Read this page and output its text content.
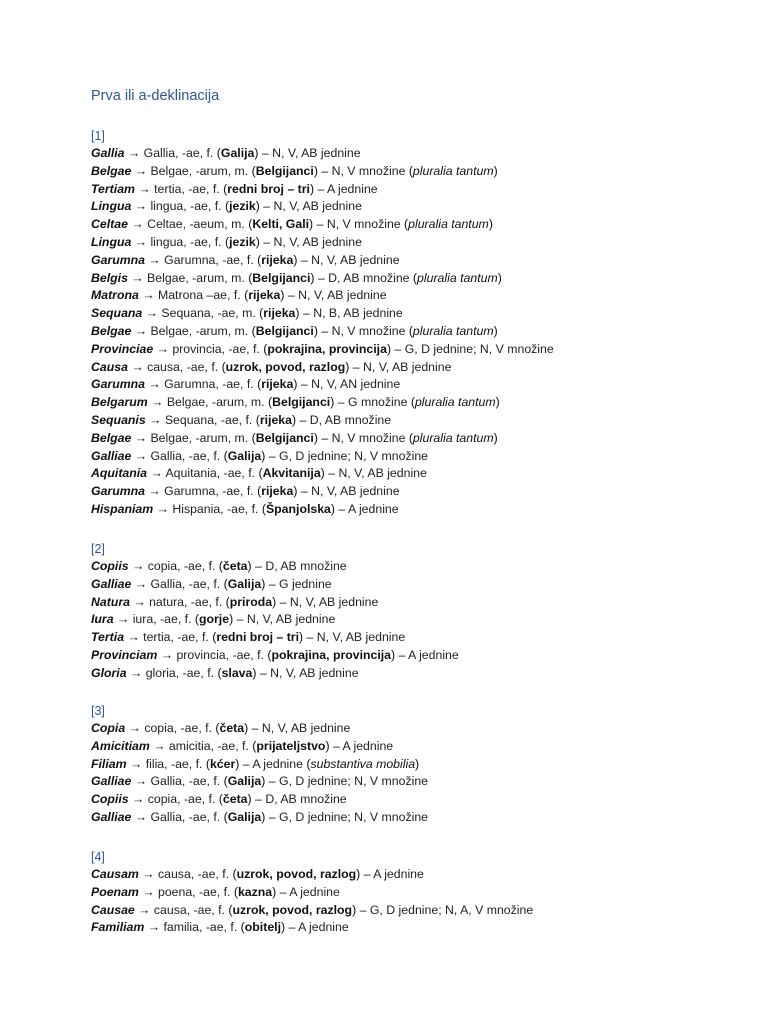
Prva ili a-deklinacija
[1]
Gallia → Gallia, -ae, f. (Galija) – N, V, AB jednine
Belgae → Belgae, -arum, m. (Belgijanci) – N, V množine (pluralia tantum)
Tertiam → tertia, -ae, f. (redni broj – tri) – A jednine
Lingua → lingua, -ae, f. (jezik) – N, V, AB jednine
Celtae → Celtae, -aeum, m. (Kelti, Gali) – N, V množine (pluralia tantum)
Lingua → lingua, -ae, f. (jezik) – N, V, AB jednine
Garumna → Garumna, -ae, f. (rijeka) – N, V, AB jednine
Belgis → Belgae, -arum, m. (Belgijanci) – D, AB množine (pluralia tantum)
Matrona → Matrona –ae, f. (rijeka) – N, V, AB jednine
Sequana → Sequana, -ae, m. (rijeka) – N, B, AB jednine
Belgae → Belgae, -arum, m. (Belgijanci) – N, V množine (pluralia tantum)
Provinciae → provincia, -ae, f. (pokrajina, provincija) – G, D jednine; N, V množine
Causa → causa, -ae, f. (uzrok, povod, razlog) – N, V, AB jednine
Garumna → Garumna, -ae, f. (rijeka) – N, V, AN jednine
Belgarum → Belgae, -arum, m. (Belgijanci) – G množine (pluralia tantum)
Sequanis → Sequana, -ae, f. (rijeka) – D, AB množine
Belgae → Belgae, -arum, m. (Belgijanci) – N, V množine (pluralia tantum)
Galliae → Gallia, -ae, f. (Galija) – G, D jednine; N, V množine
Aquitania → Aquitania, -ae, f. (Akvitanija) – N, V, AB jednine
Garumna → Garumna, -ae, f. (rijeka) – N, V, AB jednine
Hispaniam → Hispania, -ae, f. (Španjolska) – A jednine
[2]
Copiis → copia, -ae, f. (četa) – D, AB množine
Galliae → Gallia, -ae, f. (Galija) – G jednine
Natura → natura, -ae, f. (priroda) – N, V, AB jednine
Iura → iura, -ae, f. (gorje) – N, V, AB jednine
Tertia → tertia, -ae, f. (redni broj – tri) – N, V, AB jednine
Provinciam → provincia, -ae, f. (pokrajina, provincija) – A jednine
Gloria → gloria, -ae, f. (slava) – N, V, AB jednine
[3]
Copia → copia, -ae, f. (četa) – N, V, AB jednine
Amicitiam → amicitia, -ae, f. (prijateljstvo) – A jednine
Filiam → filia, -ae, f. (kćer) – A jednine (substantiva mobilia)
Galliae → Gallia, -ae, f. (Galija) – G, D jednine; N, V množine
Copiis → copia, -ae, f. (četa) – D, AB množine
Galliae → Gallia, -ae, f. (Galija) – G, D jednine; N, V množine
[4]
Causam → causa, -ae, f. (uzrok, povod, razlog) – A jednine
Poenam → poena, -ae, f. (kazna) – A jednine
Causae → causa, -ae, f. (uzrok, povod, razlog) – G, D jednine; N, A, V množine
Familiam → familia, -ae, f. (obitelj) – A jednine
